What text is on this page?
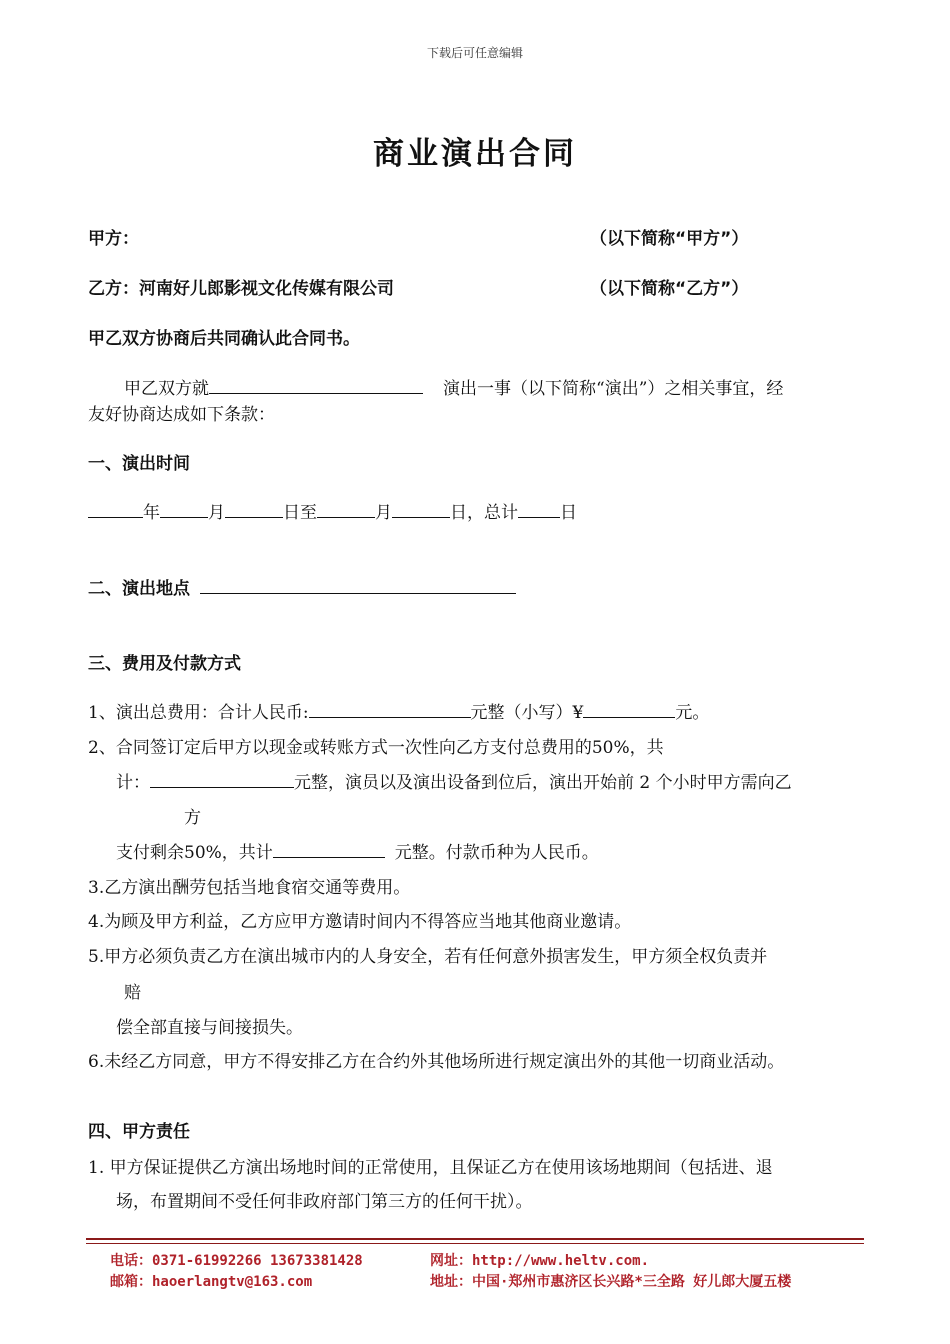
下载后可任意编辑
商业演出合同
甲方：	（以下简称“甲方”）
乙方：河南好儿郎影视文化传媒有限公司	（以下简称“乙方”）
甲乙双方协商后共同确认此合同书。
甲乙双方就	演出一事（以下简称“演出”）之相关事宜，经
友好协商达成如下条款：
一、演出时间
年	月	日至	月	日，总计 日
二、演出地点
三、费用及付款方式
1、演出总费用：合计人民币:	元整（小写）¥	元。
2、合同签订定后甲方以现金或转账方式一次性向乙方支付总费用的50%，共
计：	元整，演员以及演出设备到位后，演出开始前 2 个小时甲方需向乙
方
支付剩余50%，共计	元整。付款币种为人民币。
3.乙方演出酬劳包括当地食宿交通等费用。
4.为顾及甲方利益，乙方应甲方邀请时间内不得答应当地其他商业邀请。
5.甲方必须负责乙方在演出城市内的人身安全，若有任何意外损害发生，甲方须全权负责并
赔
偿全部直接与间接损失。
6.未经乙方同意，甲方不得安排乙方在合约外其他场所进行规定演出外的其他一切商业活动。
四、甲方责任
1. 甲方保证提供乙方演出场地时间的正常使用，且保证乙方在使用该场地期间（包括进、退
场，布置期间不受任何非政府部门第三方的任何干扰）。
电话：0371-61992266 13673381428
邮箱：haoerlangtv@163.com
网址：http://www.heltv.com.
地址：中国·郑州市惠济区长兴路*三全路 好儿郎大厦五楼
